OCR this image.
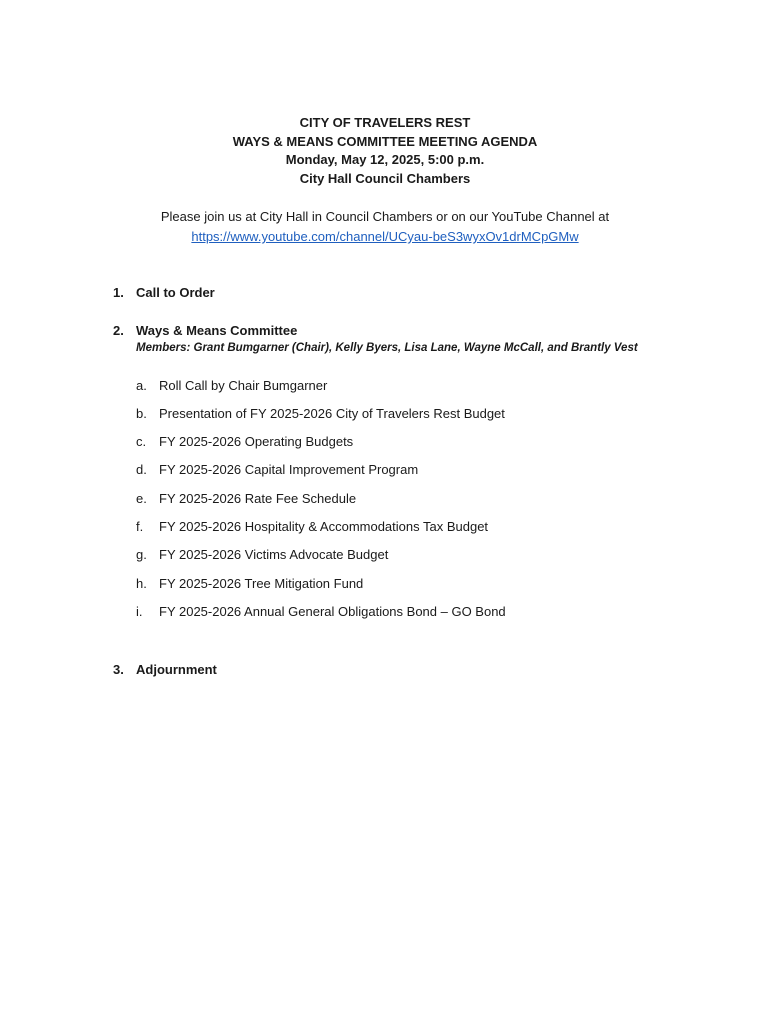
CITY OF TRAVELERS REST
WAYS & MEANS COMMITTEE MEETING AGENDA
Monday, May 12, 2025, 5:00 p.m.
City Hall Council Chambers
Please join us at City Hall in Council Chambers or on our YouTube Channel at
https://www.youtube.com/channel/UCyau-beS3wyxOv1drMCpGMw
1. Call to Order
2. Ways & Means Committee
Members: Grant Bumgarner (Chair), Kelly Byers, Lisa Lane, Wayne McCall, and Brantly Vest
a. Roll Call by Chair Bumgarner
b. Presentation of FY 2025-2026 City of Travelers Rest Budget
c. FY 2025-2026 Operating Budgets
d. FY 2025-2026 Capital Improvement Program
e. FY 2025-2026 Rate Fee Schedule
f. FY 2025-2026 Hospitality & Accommodations Tax Budget
g. FY 2025-2026 Victims Advocate Budget
h. FY 2025-2026 Tree Mitigation Fund
i. FY 2025-2026 Annual General Obligations Bond – GO Bond
3. Adjournment
